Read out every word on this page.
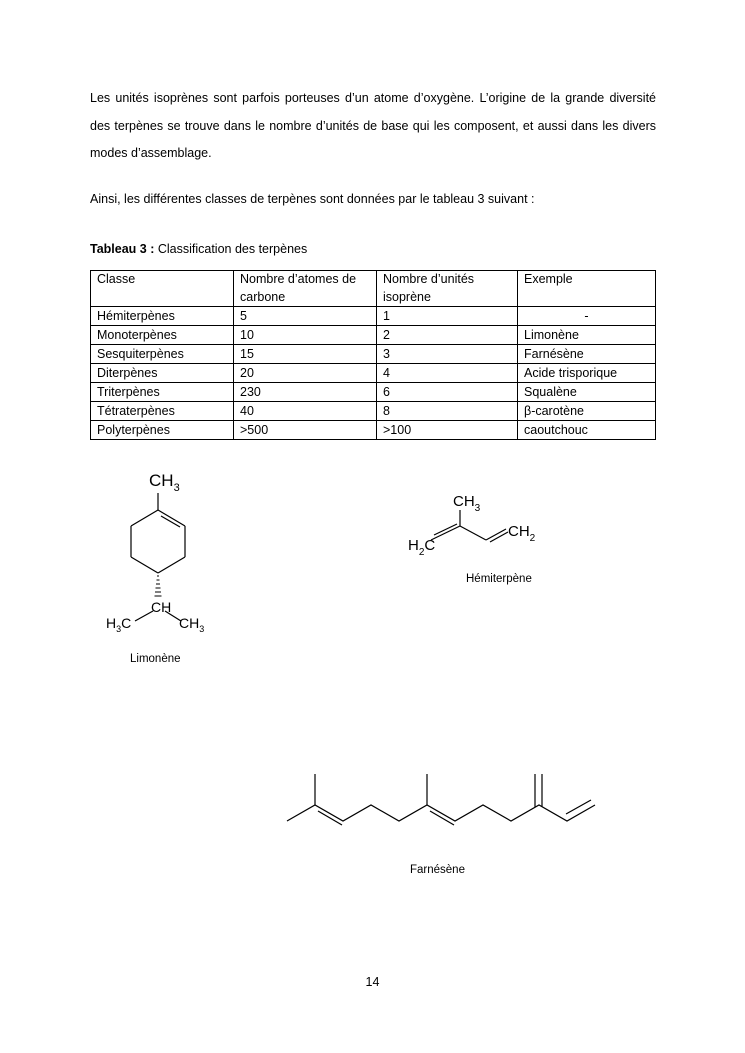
Les unités isoprènes sont parfois porteuses d’un atome d’oxygène. L’origine de la grande diversité des terpènes se trouve dans le nombre d’unités de base qui les composent, et aussi dans les divers modes d’assemblage.
Ainsi, les différentes classes de terpènes sont données par le tableau 3 suivant :
Tableau 3 : Classification des terpènes
Classe	Nombre d’atomes de carbone	Nombre d’unités isoprène	Exemple
Hémiterpènes	5	1	-
Monoterpènes	10	2	Limonène
Sesquiterpènes	15	3	Farnésène
Diterpènes	20	4	Acide trisporique
Triterpènes	230	6	Squalène
Tétraterpènes	40	8	β-carotène
Polyterpènes	>500	>100	caoutchouc
$CH_3$
CH
$H_3C$	$CH_3$
$CH_3$
$CH_2$
$H_2C$
Limonène
Hémiterpène
Farnésène
14
